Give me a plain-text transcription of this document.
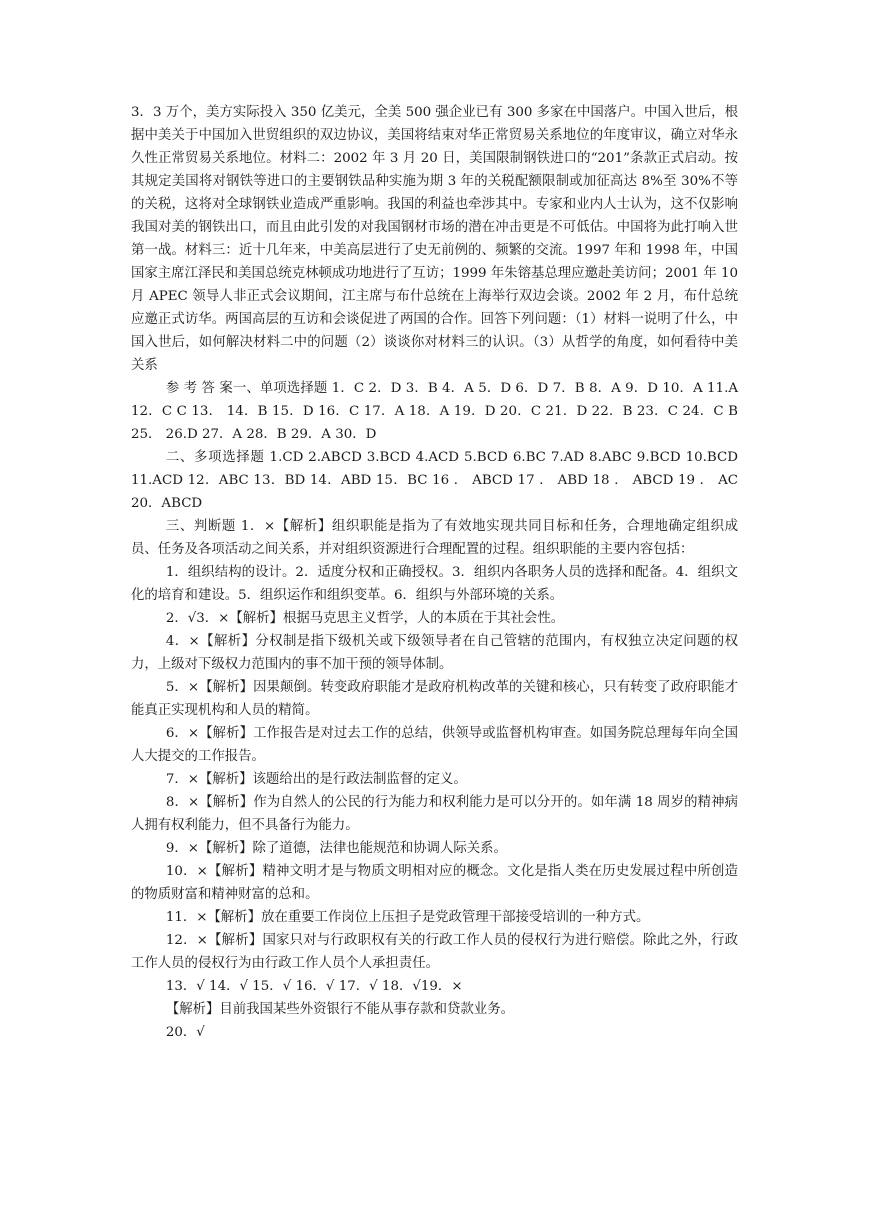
3．3 万个，美方实际投入 350 亿美元，全美 500 强企业已有 300 多家在中国落户。中国入世后，根据中美关于中国加入世贸组织的双边协议，美国将结束对华正常贸易关系地位的年度审议，确立对华永久性正常贸易关系地位。材料二：2002 年 3 月 20 日，美国限制钢铁进口的“201”条款正式启动。按其规定美国将对钢铁等进口的主要钢铁品种实施为期 3 年的关税配额限制或加征高达 8%至 30%不等的关税，这将对全球钢铁业造成严重影响。我国的利益也牵涉其中。专家和业内人士认为，这不仅影响我国对美的钢铁出口，而且由此引发的对我国钢材市场的潜在冲击更是不可低估。中国将为此打响入世第一战。材料三：近十几年来，中美高层进行了史无前例的、频繁的交流。1997 年和 1998 年，中国国家主席江泽民和美国总统克林顿成功地进行了互访；1999 年朱镕基总理应邀赴美访问；2001 年 10 月 APEC 领导人非正式会议期间，江主席与布什总统在上海举行双边会谈。2002 年 2 月，布什总统应邀正式访华。两国高层的互访和会谈促进了两国的合作。回答下列问题：（1）材料一说明了什么，中国入世后，如何解决材料二中的问题（2）谈谈你对材料三的认识。（3）从哲学的角度，如何看待中美关系

参 考 答 案一、单项选择题 1．C 2．D 3．B 4．A 5．D 6．D 7．B 8．A 9．D 10．A 11.A 12．C C 13． 14．B 15．D 16．C 17．A 18．A 19．D 20．C 21．D 22．B 23．C 24．C B 25． 26.D 27．A 28．B 29．A 30．D

二、多项选择题 1.CD 2.ABCD 3.BCD 4.ACD 5.BCD 6.BC 7.AD 8.ABC 9.BCD 10.BCD 11.ACD 12．ABC 13．BD 14．ABD 15．BC 16 ． ABCD 17 ． ABD 18 ． ABCD 19 ． AC 20．ABCD

三、判断题 1．×【解析】组织职能是指为了有效地实现共同目标和任务，合理地确定组织成员、任务及各项活动之间关系，并对组织资源进行合理配置的过程。组织职能的主要内容包括：

1．组织结构的设计。2．适度分权和正确授权。3．组织内各职务人员的选择和配备。4．组织文化的培育和建设。5．组织运作和组织变革。6．组织与外部环境的关系。

2．√3．×【解析】根据马克思主义哲学，人的本质在于其社会性。

4．×【解析】分权制是指下级机关或下级领导者在自己管辖的范围内，有权独立决定问题的权力，上级对下级权力范围内的事不加干预的领导体制。

5．×【解析】因果颠倒。转变政府职能才是政府机构改革的关键和核心，只有转变了政府职能才能真正实现机构和人员的精简。

6．×【解析】工作报告是对过去工作的总结，供领导或监督机构审查。如国务院总理每年向全国人大提交的工作报告。

7．×【解析】该题给出的是行政法制监督的定义。

8．×【解析】作为自然人的公民的行为能力和权利能力是可以分开的。如年满 18 周岁的精神病人拥有权利能力，但不具备行为能力。

9．×【解析】除了道德，法律也能规范和协调人际关系。

10．×【解析】精神文明才是与物质文明相对应的概念。文化是指人类在历史发展过程中所创造的物质财富和精神财富的总和。

11．×【解析】放在重要工作岗位上压担子是党政管理干部接受培训的一种方式。

12．×【解析】国家只对与行政职权有关的行政工作人员的侵权行为进行赔偿。除此之外，行政工作人员的侵权行为由行政工作人员个人承担责任。

13．√ 14．√ 15．√ 16．√ 17．√ 18．√19．×

【解析】目前我国某些外资银行不能从事存款和贷款业务。

20．√
